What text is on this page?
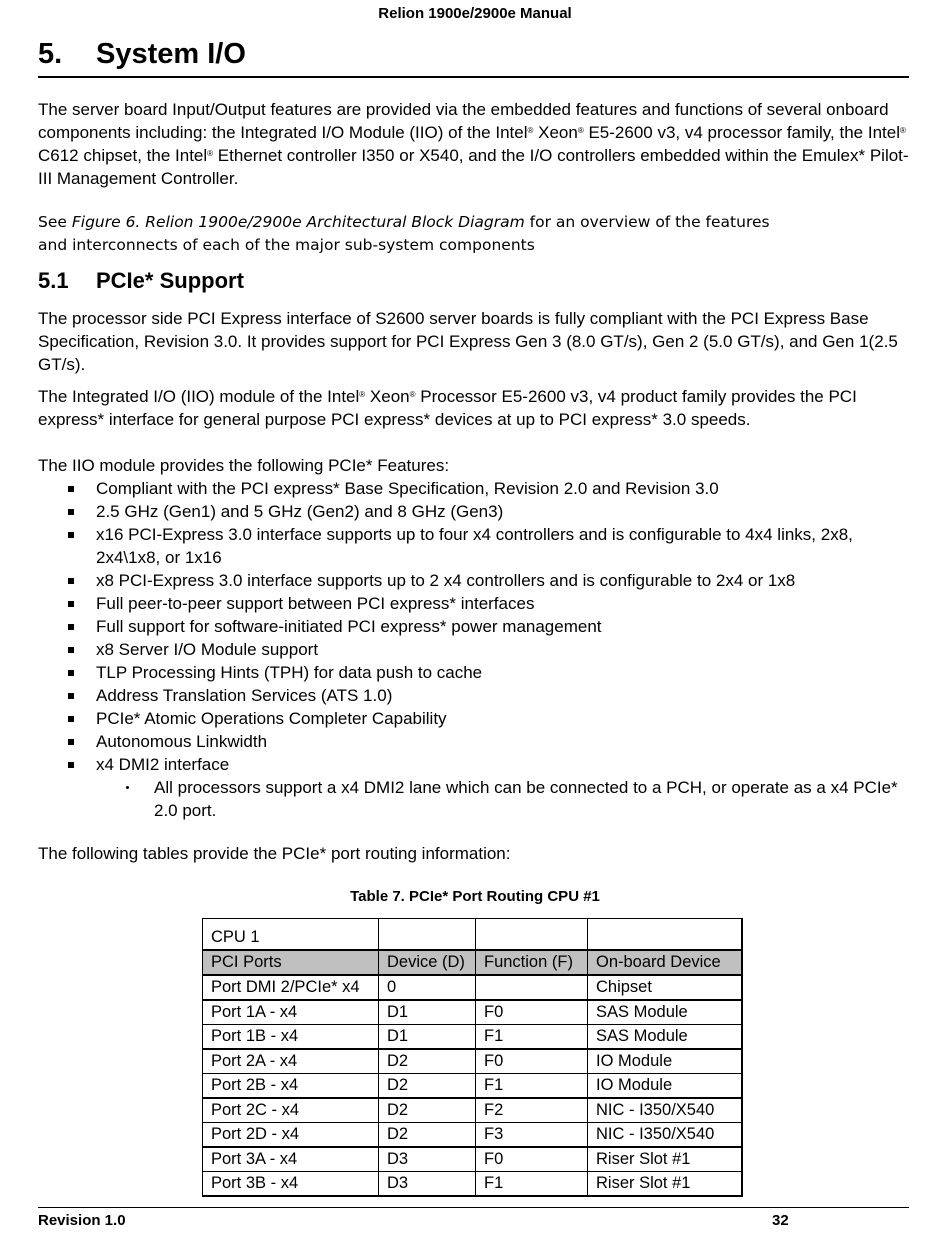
Relion 1900e/2900e Manual
5. System I/O
The server board Input/Output features are provided via the embedded features and functions of several onboard components including: the Integrated I/O Module (IIO) of the Intel® Xeon® E5-2600 v3, v4 processor family, the Intel® C612 chipset, the Intel® Ethernet controller I350 or X540, and the I/O controllers embedded within the Emulex* Pilot-III Management Controller.
See Figure 6. Relion 1900e/2900e Architectural Block Diagram for an overview of the features
and interconnects of each of the major sub-system components
5.1 PCIe* Support
The processor side PCI Express interface of S2600 server boards is fully compliant with the PCI Express Base Specification, Revision 3.0. It provides support for PCI Express Gen 3 (8.0 GT/s), Gen 2 (5.0 GT/s), and Gen 1(2.5 GT/s).
The Integrated I/O (IIO) module of the Intel® Xeon® Processor E5-2600 v3, v4 product family provides the PCI express* interface for general purpose PCI express* devices at up to PCI express* 3.0 speeds.
The IIO module provides the following PCIe* Features:
Compliant with the PCI express* Base Specification, Revision 2.0 and Revision 3.0
2.5 GHz (Gen1) and 5 GHz (Gen2) and 8 GHz (Gen3)
x16 PCI-Express 3.0 interface supports up to four x4 controllers and is configurable to 4x4 links, 2x8, 2x4\1x8, or 1x16
x8 PCI-Express 3.0 interface supports up to 2 x4 controllers and is configurable to 2x4 or 1x8
Full peer-to-peer support between PCI express* interfaces
Full support for software-initiated PCI express* power management
x8 Server I/O Module support
TLP Processing Hints (TPH) for data push to cache
Address Translation Services (ATS 1.0)
PCIe* Atomic Operations Completer Capability
Autonomous Linkwidth
x4 DMI2 interface
All processors support a x4 DMI2 lane which can be connected to a PCH, or operate as a x4 PCIe* 2.0 port.
The following tables provide the PCIe* port routing information:
Table 7. PCIe* Port Routing CPU #1
CPU 1			
PCI Ports	Device (D)	Function (F)	On-board Device
Port DMI 2/PCIe* x4	0		Chipset
Port 1A - x4	D1	F0	SAS Module
Port 1B - x4	D1	F1	SAS Module
Port 2A - x4	D2	F0	IO Module
Port 2B - x4	D2	F1	IO Module
Port 2C - x4	D2	F2	NIC - I350/X540
Port 2D - x4	D2	F3	NIC - I350/X540
Port 3A - x4	D3	F0	Riser Slot #1
Port 3B - x4	D3	F1	Riser Slot #1
Revision 1.0	32
